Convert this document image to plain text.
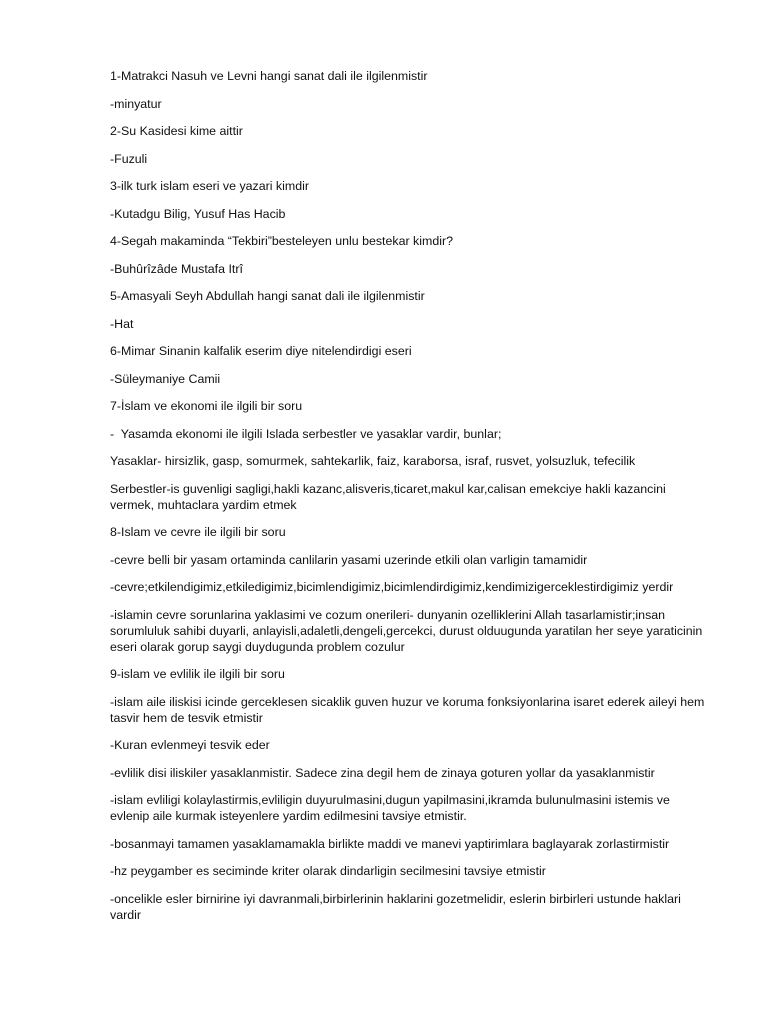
1-Matrakci Nasuh ve Levni hangi sanat dali ile ilgilenmistir

-minyatur

2-Su Kasidesi kime aittir

-Fuzuli

3-ilk turk islam eseri ve yazari kimdir

-Kutadgu Bilig, Yusuf Has Hacib

4-Segah makaminda “Tekbiri”besteleyen unlu bestekar kimdir?

-Buhûrîzâde Mustafa Itrî

5-Amasyali Seyh Abdullah hangi sanat dali ile ilgilenmistir

-Hat

6-Mimar Sinanin kalfalik eserim diye nitelendirdigi eseri

-Süleymaniye Camii

7-İslam ve ekonomi ile ilgili bir soru

-  Yasamda ekonomi ile ilgili Islada serbestler ve yasaklar vardir, bunlar;

Yasaklar- hirsizlik, gasp, somurmek, sahtekarlik, faiz, karaborsa, israf, rusvet, yolsuzluk, tefecilik

Serbestler-is guvenligi sagligi,hakli kazanc,alisveris,ticaret,makul kar,calisan emekciye hakli kazancini vermek, muhtaclara yardim etmek

8-Islam ve cevre ile ilgili bir soru

-cevre belli bir yasam ortaminda canlilarin yasami uzerinde etkili olan varligin tamamidir

-cevre;etkilendigimiz,etkiledigimiz,bicimlendigimiz,bicimlendirdigimiz,kendimizigerceklestirdigimiz yerdir

-islamin cevre sorunlarina yaklasimi ve cozum onerileri- dunyanin ozelliklerini Allah tasarlamistir;insan sorumluluk sahibi duyarli, anlayisli,adaletli,dengeli,gercekci, durust olduugunda yaratilan her seye yaraticinin eseri olarak gorup saygi duydugunda problem cozulur

9-islam ve evlilik ile ilgili bir soru

-islam aile iliskisi icinde gerceklesen sicaklik guven huzur ve koruma fonksiyonlarina isaret ederek aileyi hem tasvir hem de tesvik etmistir

-Kuran evlenmeyi tesvik eder

-evlilik disi iliskiler yasaklanmistir. Sadece zina degil hem de zinaya goturen yollar da yasaklanmistir

-islam evliligi kolaylastirmis,evliligin duyurulmasini,dugun yapilmasini,ikramda bulunulmasini istemis ve evlenip aile kurmak isteyenlere yardim edilmesini tavsiye etmistir.

-bosanmayi tamamen yasaklamamakla birlikte maddi ve manevi yaptirimlara baglayarak zorlastirmistir

-hz peygamber es seciminde kriter olarak dindarligin secilmesini tavsiye etmistir

-oncelikle esler birnirine iyi davranmali,birbirlerinin haklarini gozetmelidir, eslerin birbirleri ustunde haklari vardir
